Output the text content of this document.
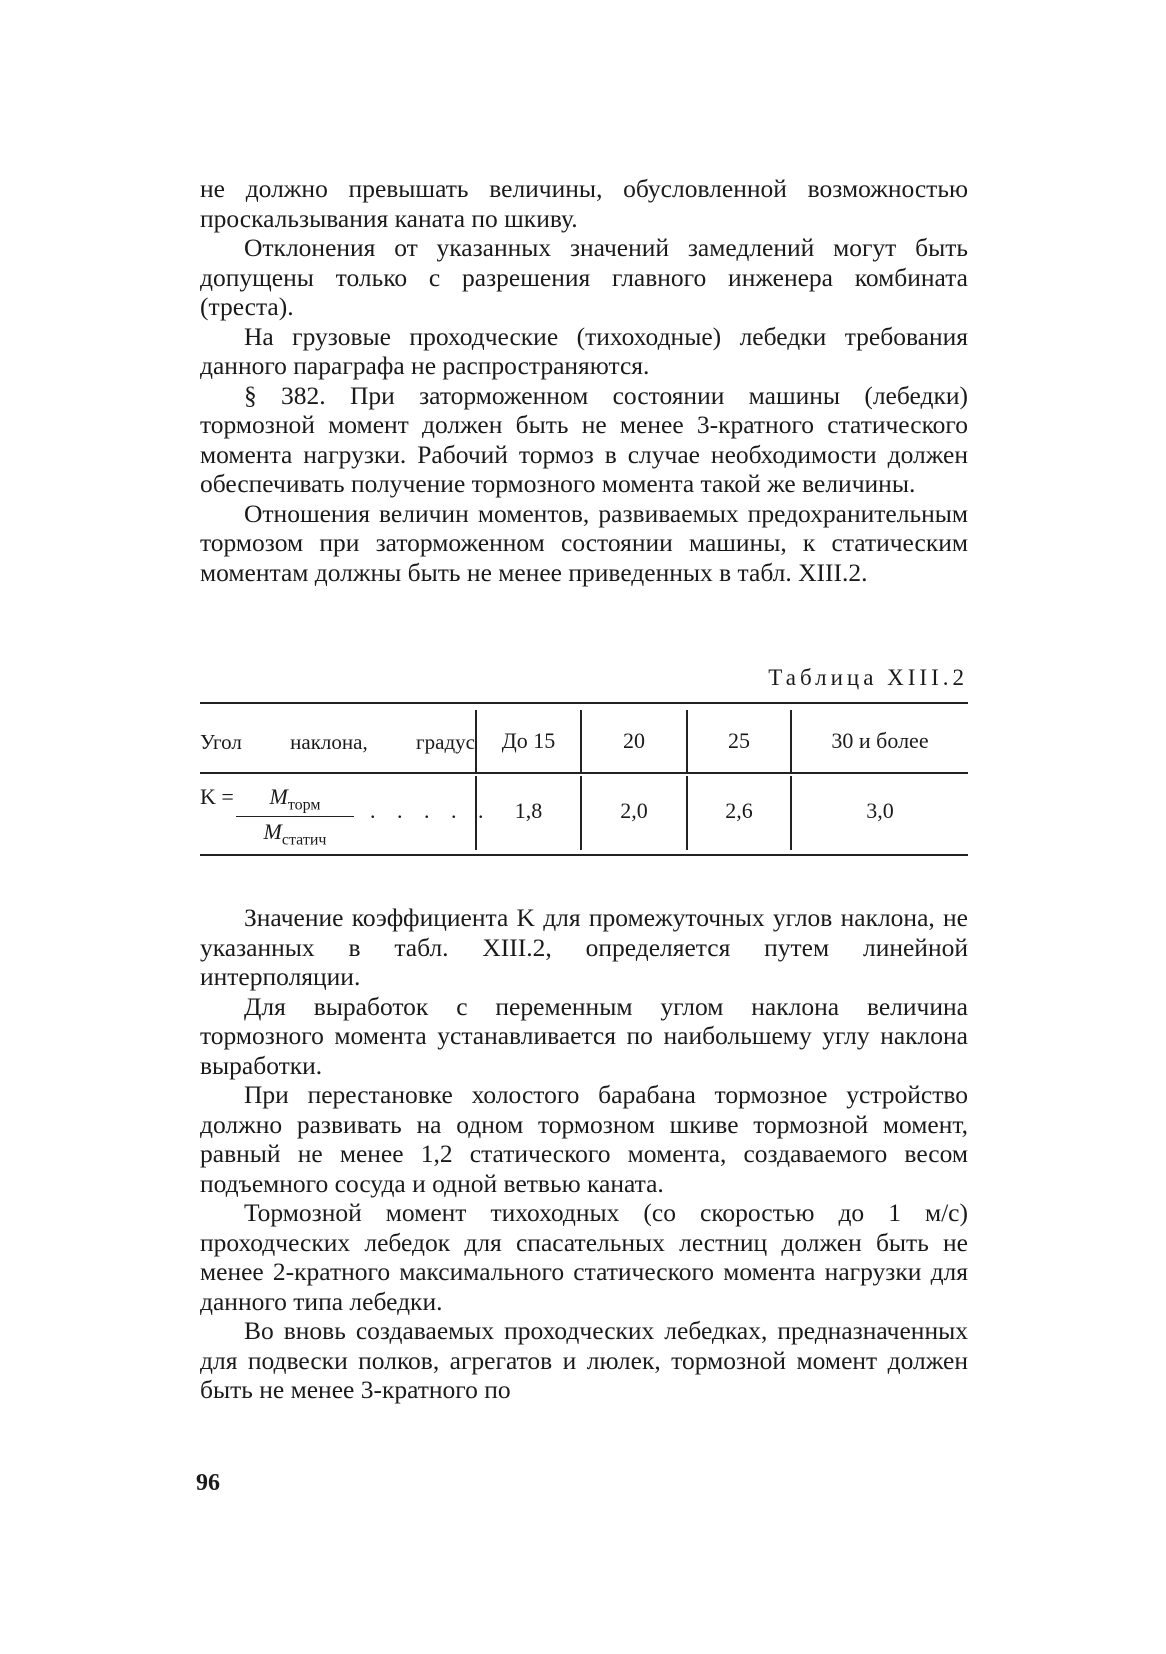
не должно превышать величины, обусловленной возможностью проскальзывания каната по шкиву.

Отклонения от указанных значений замедлений могут быть допущены только с разрешения главного инженера комбината (треста).

На грузовые проходческие (тихоходные) лебедки требования данного параграфа не распространяются.

§ 382. При заторможенном состоянии машины (лебедки) тормозной момент должен быть не менее 3-кратного статического момента нагрузки. Рабочий тормоз в случае необходимости должен обеспечивать получение тормозного момента такой же величины.

Отношения величин моментов, развиваемых предохранительным тормозом при заторможенном состоянии машины, к статическим моментам должны быть не менее приведенных в табл. XIII.2.

Таблица XIII.2
Угол наклона, градус	До 15	20	25	30 и более
K =	$M_{торм}$
$M_{статич}$
. . . . .	1,8	2,0	2,6	3,0

Значение коэффициента K для промежуточных углов наклона, не указанных в табл. XIII.2, определяется путем линейной интерполяции.

Для выработок с переменным углом наклона величина тормозного момента устанавливается по наибольшему углу наклона выработки.

При перестановке холостого барабана тормозное устройство должно развивать на одном тормозном шкиве тормозной момент, равный не менее 1,2 статического момента, создаваемого весом подъемного сосуда и одной ветвью каната.

Тормозной момент тихоходных (со скоростью до 1 м/с) проходческих лебедок для спасательных лестниц должен быть не менее 2-кратного максимального статического момента нагрузки для данного типа лебедки.

Во вновь создаваемых проходческих лебедках, предназначенных для подвески полков, агрегатов и люлек, тормозной момент должен быть не менее 3-кратного по

96
